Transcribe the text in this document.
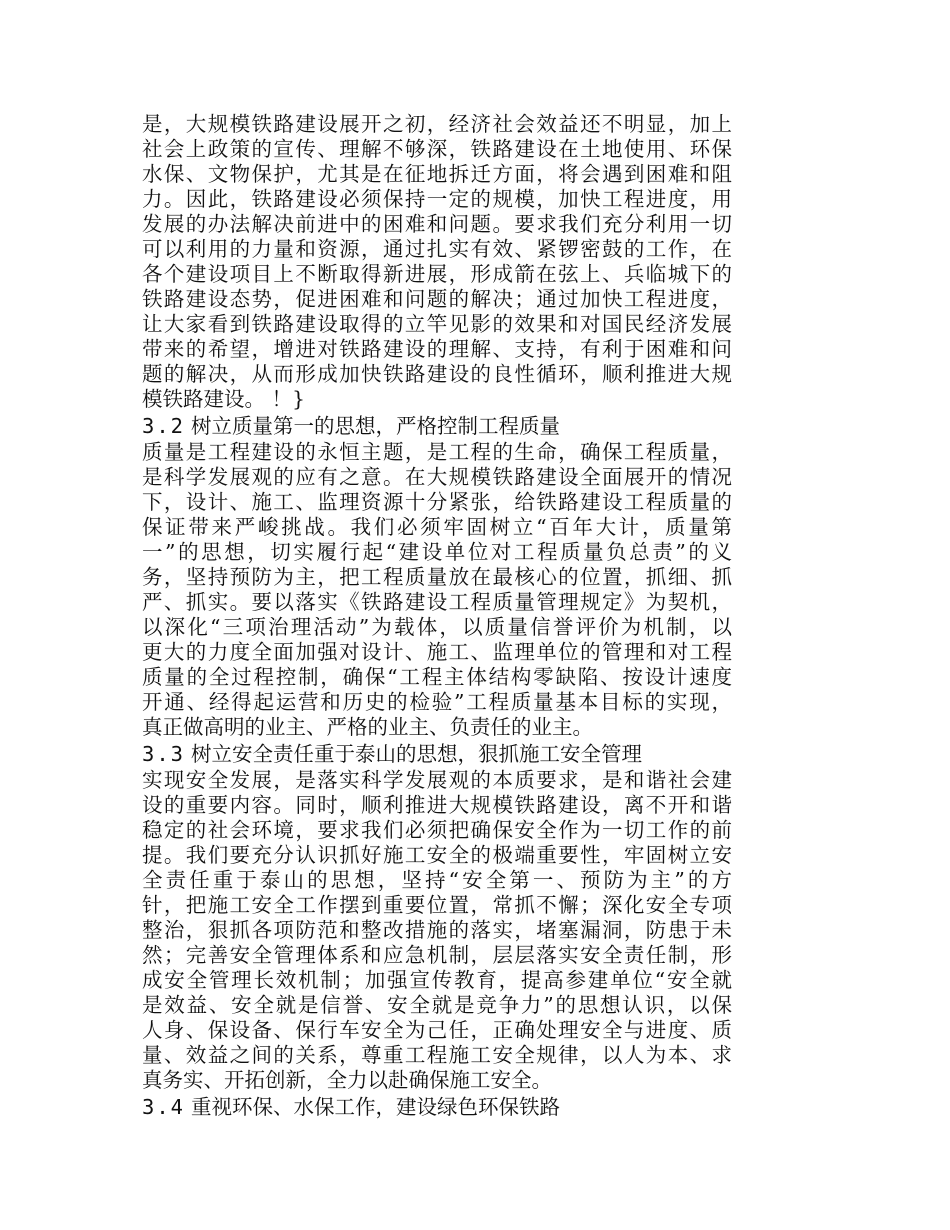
是，大规模铁路建设展开之初，经济社会效益还不明显，加上
社会上政策的宣传、理解不够深，铁路建设在土地使用、环保
水保、文物保护，尤其是在征地拆迁方面，将会遇到困难和阻
力。因此，铁路建设必须保持一定的规模，加快工程进度，用
发展的办法解决前进中的困难和问题。要求我们充分利用一切
可以利用的力量和资源，通过扎实有效、紧锣密鼓的工作，在
各个建设项目上不断取得新进展，形成箭在弦上、兵临城下的
铁路建设态势，促进困难和问题的解决；通过加快工程进度，
让大家看到铁路建设取得的立竿见影的效果和对国民经济发展
带来的希望，增进对铁路建设的理解、支持，有利于困难和问
题的解决，从而形成加快铁路建设的良性循环，顺利推进大规
模铁路建设。 ！}
3.2 树立质量第一的思想，严格控制工程质量
质量是工程建设的永恒主题，是工程的生命，确保工程质量，
是科学发展观的应有之意。在大规模铁路建设全面展开的情况
下，设计、施工、监理资源十分紧张，给铁路建设工程质量的
保证带来严峻挑战。我们必须牢固树立“百年大计，质量第
一”的思想，切实履行起“建设单位对工程质量负总责”的义
务，坚持预防为主，把工程质量放在最核心的位置，抓细、抓
严、抓实。要以落实《铁路建设工程质量管理规定》为契机，
以深化“三项治理活动”为载体，以质量信誉评价为机制，以
更大的力度全面加强对设计、施工、监理单位的管理和对工程
质量的全过程控制，确保“工程主体结构零缺陷、按设计速度
开通、经得起运营和历史的检验”工程质量基本目标的实现，
真正做高明的业主、严格的业主、负责任的业主。
3.3 树立安全责任重于泰山的思想，狠抓施工安全管理
实现安全发展，是落实科学发展观的本质要求，是和谐社会建
设的重要内容。同时，顺利推进大规模铁路建设，离不开和谐
稳定的社会环境，要求我们必须把确保安全作为一切工作的前
提。我们要充分认识抓好施工安全的极端重要性，牢固树立安
全责任重于泰山的思想，坚持“安全第一、预防为主”的方
针，把施工安全工作摆到重要位置，常抓不懈；深化安全专项
整治，狠抓各项防范和整改措施的落实，堵塞漏洞，防患于未
然；完善安全管理体系和应急机制，层层落实安全责任制，形
成安全管理长效机制；加强宣传教育，提高参建单位“安全就
是效益、安全就是信誉、安全就是竞争力”的思想认识，以保
人身、保设备、保行车安全为己任，正确处理安全与进度、质
量、效益之间的关系，尊重工程施工安全规律，以人为本、求
真务实、开拓创新，全力以赴确保施工安全。
3.4 重视环保、水保工作，建设绿色环保铁路
